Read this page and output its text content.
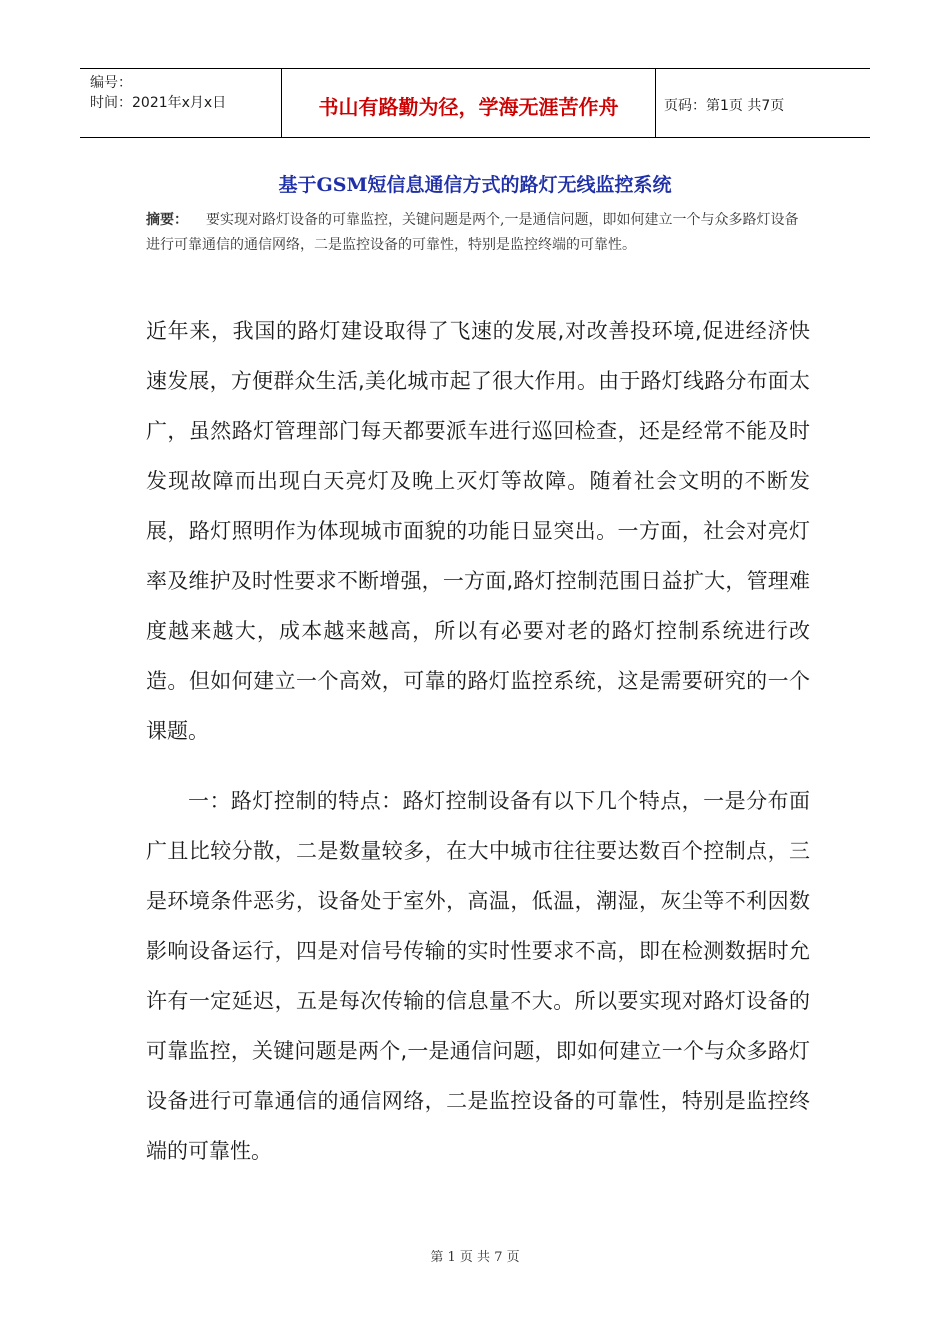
编号：
时间：2021年x月x日	书山有路勤为径，学海无涯苦作舟	页码：第1页 共7页
基于GSM短信息通信方式的路灯无线监控系统
摘要： 要实现对路灯设备的可靠监控，关键问题是两个,一是通信问题，即如何建立一个与众多路灯设备进行可靠通信的通信网络，二是监控设备的可靠性，特别是监控终端的可靠性。
近年来，我国的路灯建设取得了飞速的发展,对改善投环境,促进经济快速发展，方便群众生活,美化城市起了很大作用。由于路灯线路分布面太广，虽然路灯管理部门每天都要派车进行巡回检查，还是经常不能及时发现故障而出现白天亮灯及晚上灭灯等故障。随着社会文明的不断发展，路灯照明作为体现城市面貌的功能日显突出。一方面，社会对亮灯率及维护及时性要求不断增强，一方面,路灯控制范围日益扩大，管理难度越来越大，成本越来越高，所以有必要对老的路灯控制系统进行改造。但如何建立一个高效，可靠的路灯监控系统，这是需要研究的一个课题。
一：路灯控制的特点：路灯控制设备有以下几个特点，一是分布面广且比较分散，二是数量较多，在大中城市往往要达数百个控制点，三是环境条件恶劣，设备处于室外，高温，低温，潮湿，灰尘等不利因数影响设备运行，四是对信号传输的实时性要求不高，即在检测数据时允许有一定延迟，五是每次传输的信息量不大。所以要实现对路灯设备的可靠监控，关键问题是两个,一是通信问题，即如何建立一个与众多路灯设备进行可靠通信的通信网络，二是监控设备的可靠性，特别是监控终端的可靠性。
第 1 页 共 7 页
